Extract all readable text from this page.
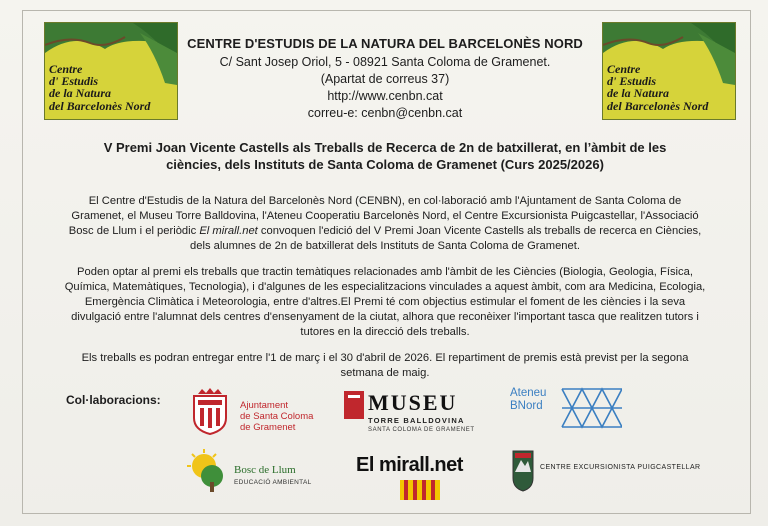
Centre
d' Estudis
de la Natura
del Barcelonès Nord
Centre
d' Estudis
de la Natura
del Barcelonès Nord
CENTRE D'ESTUDIS DE LA NATURA DEL BARCELONÈS NORD
C/ Sant Josep Oriol, 5 - 08921 Santa Coloma de Gramenet.
(Apartat de correus 37)
http://www.cenbn.cat
correu-e: cenbn@cenbn.cat
V Premi Joan Vicente Castells als Treballs de Recerca de 2n de batxillerat, en l’àmbit de les
ciències, dels Instituts de Santa Coloma de Gramenet (Curs 2025/2026)
El Centre d'Estudis de la Natura del Barcelonès Nord (CENBN), en col·laboració amb l'Ajuntament de Santa Coloma de
Gramenet, el Museu Torre Balldovina, l'Ateneu Cooperatiu Barcelonès Nord, el Centre Excursionista Puigcastellar, l'Associació
Bosc de Llum i el periòdic El mirall.net convoquen l'edició del V Premi Joan Vicente Castells als treballs de recerca en Ciències,
dels alumnes de 2n de batxillerat dels Instituts de Santa Coloma de Gramenet.
Poden optar al premi els treballs que tractin temàtiques relacionades amb l'àmbit de les Ciències (Biologia, Geologia, Física,
Química, Matemàtiques, Tecnologia), i d'algunes de les especialitzacions vinculades a aquest àmbit, com ara Medicina, Ecologia,
Emergència Climàtica i Meteorologia, entre d'altres.El Premi té com objectius estimular el foment de les ciències i la seva
divulgació entre l'alumnat dels centres d'ensenyament de la ciutat, alhora que reconèixer l'important tasca que realitzen tutors i
tutores en la direcció dels treballs.
Els treballs es podran entregar entre l'1 de març i el 30 d'abril de 2026. El repartiment de premis està previst per la segona
setmana de maig.
Col·laboracions:	Ajuntament
de Santa Coloma
de Gramenet
MUSEU
TORRE BALLDOVINA
SANTA COLOMA DE GRAMENET
Ateneu
BNord
Bosc de Llum
EDUCACIÓ AMBIENTAL
El mirall.net	CENTRE EXCURSIONISTA PUIGCASTELLAR
